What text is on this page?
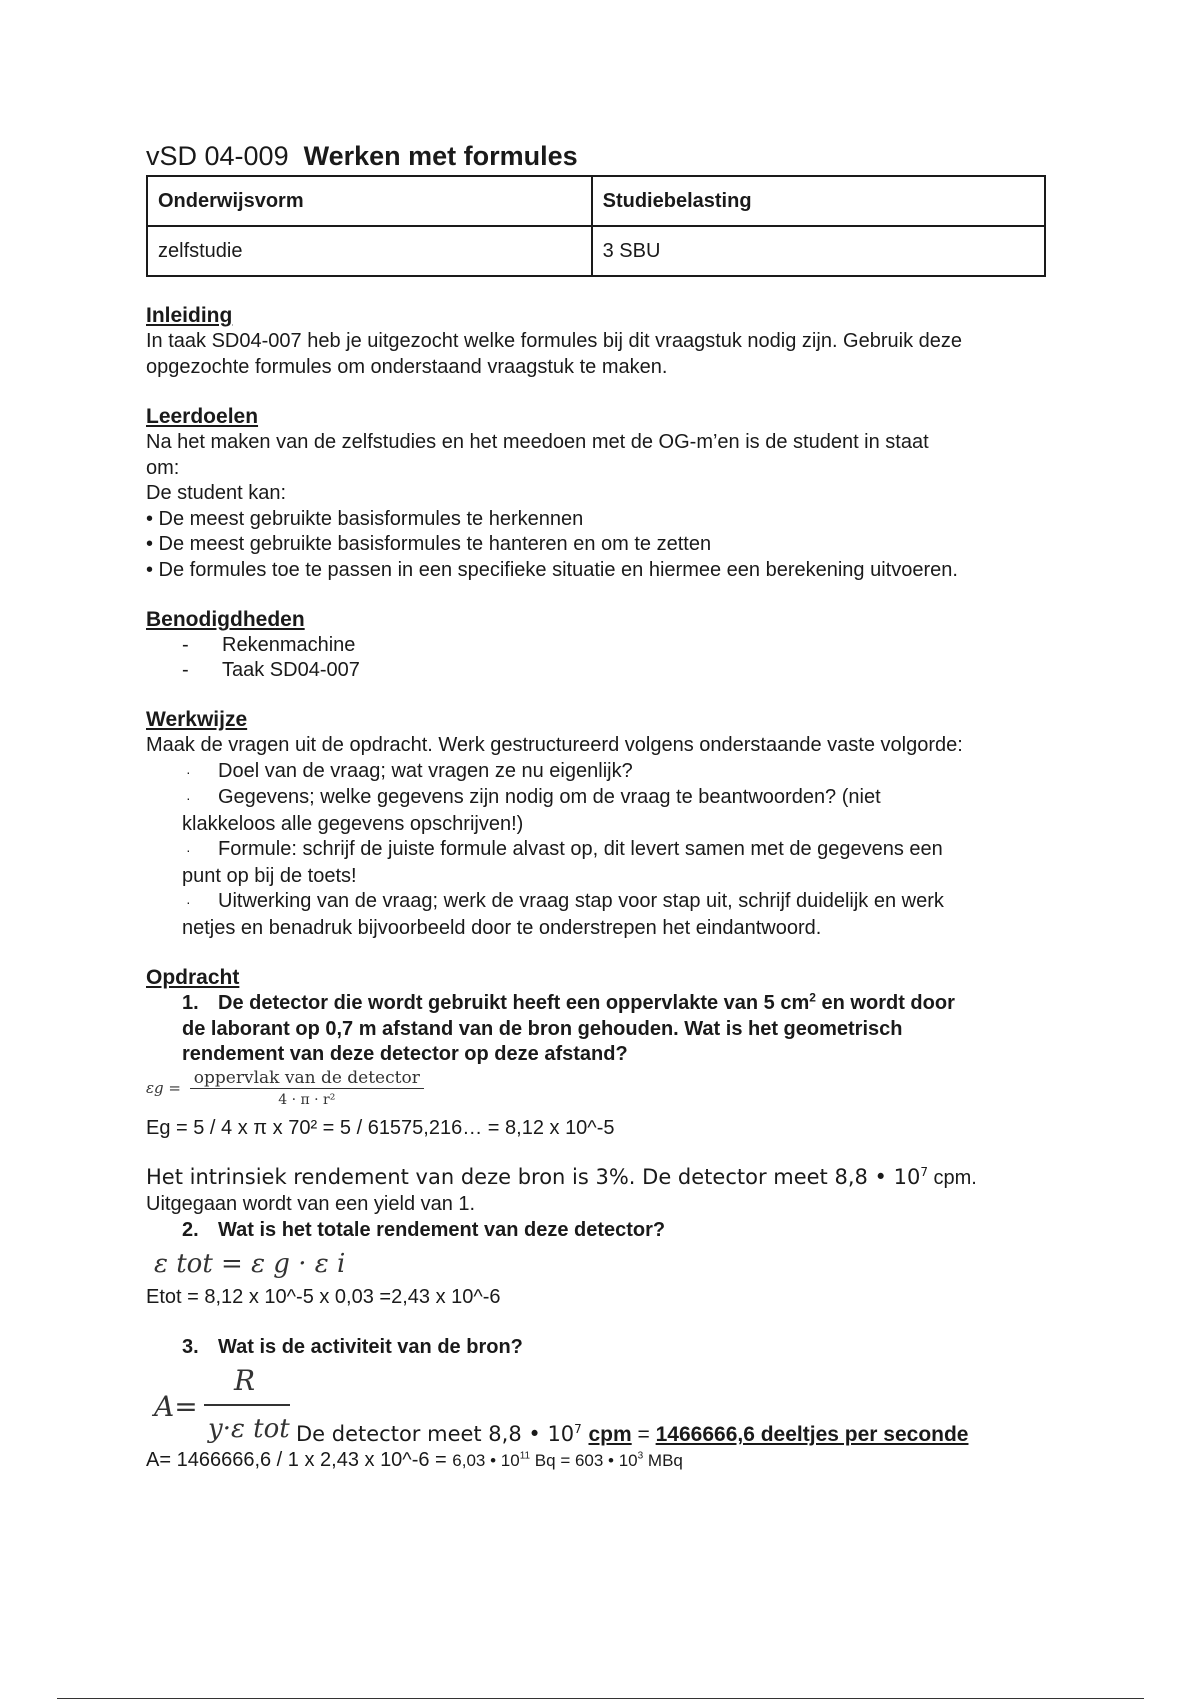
vSD 04-009 Werken met formules
Onderwijsvorm	Studiebelasting
zelfstudie	3 SBU
Inleiding
In taak SD04-007 heb je uitgezocht welke formules bij dit vraagstuk nodig zijn. Gebruik deze
opgezochte formules om onderstaand vraagstuk te maken.
Leerdoelen
Na het maken van de zelfstudies en het meedoen met de OG-m’en is de student in staat
om:
De student kan:
• De meest gebruikte basisformules te herkennen
• De meest gebruikte basisformules te hanteren en om te zetten
• De formules toe te passen in een specifieke situatie en hiermee een berekening uitvoeren.
Benodigdheden
- Rekenmachine
- Taak SD04-007
Werkwijze
Maak de vragen uit de opdracht. Werk gestructureerd volgens onderstaande vaste volgorde:
· Doel van de vraag; wat vragen ze nu eigenlijk?
· Gegevens; welke gegevens zijn nodig om de vraag te beantwoorden? (niet
klakkeloos alle gegevens opschrijven!)
· Formule: schrijf de juiste formule alvast op, dit levert samen met de gegevens een
punt op bij de toets!
· Uitwerking van de vraag; werk de vraag stap voor stap uit, schrijf duidelijk en werk
netjes en benadruk bijvoorbeeld door te onderstrepen het eindantwoord.
Opdracht
1. De detector die wordt gebruikt heeft een oppervlakte van 5 $cm^2$ en wordt door
de laborant op 0,7 m afstand van de bron gehouden. Wat is het geometrisch
rendement van deze detector op deze afstand?
$\varepsilon g = \frac{\text{oppervlak van de detector}}{\text{4 · π · r²}}$
Eg = 5 / 4 x π x 70² = 5 / 61575,216… = 8,12 x 10^-5
Het intrinsiek rendement van deze bron is 3%. De detector meet 8,8 • $10^7$ cpm.
Uitgegaan wordt van een yield van 1.
2. Wat is het totale rendement van deze detector?
ε tot = ε g · ε i
Etot = 8,12 x 10^-5 x 0,03 =2,43 x 10^-6
3. Wat is de activiteit van de bron?
A=
R
y·ε tot De detector meet 8,8 • $10^7$ cpm = 1466666,6 deeltjes per seconde
A= 1466666,6 / 1 x 2,43 x 10^-6 = 6,03 • $10^{11}$ Bq = 603 • $10^3$ MBq
